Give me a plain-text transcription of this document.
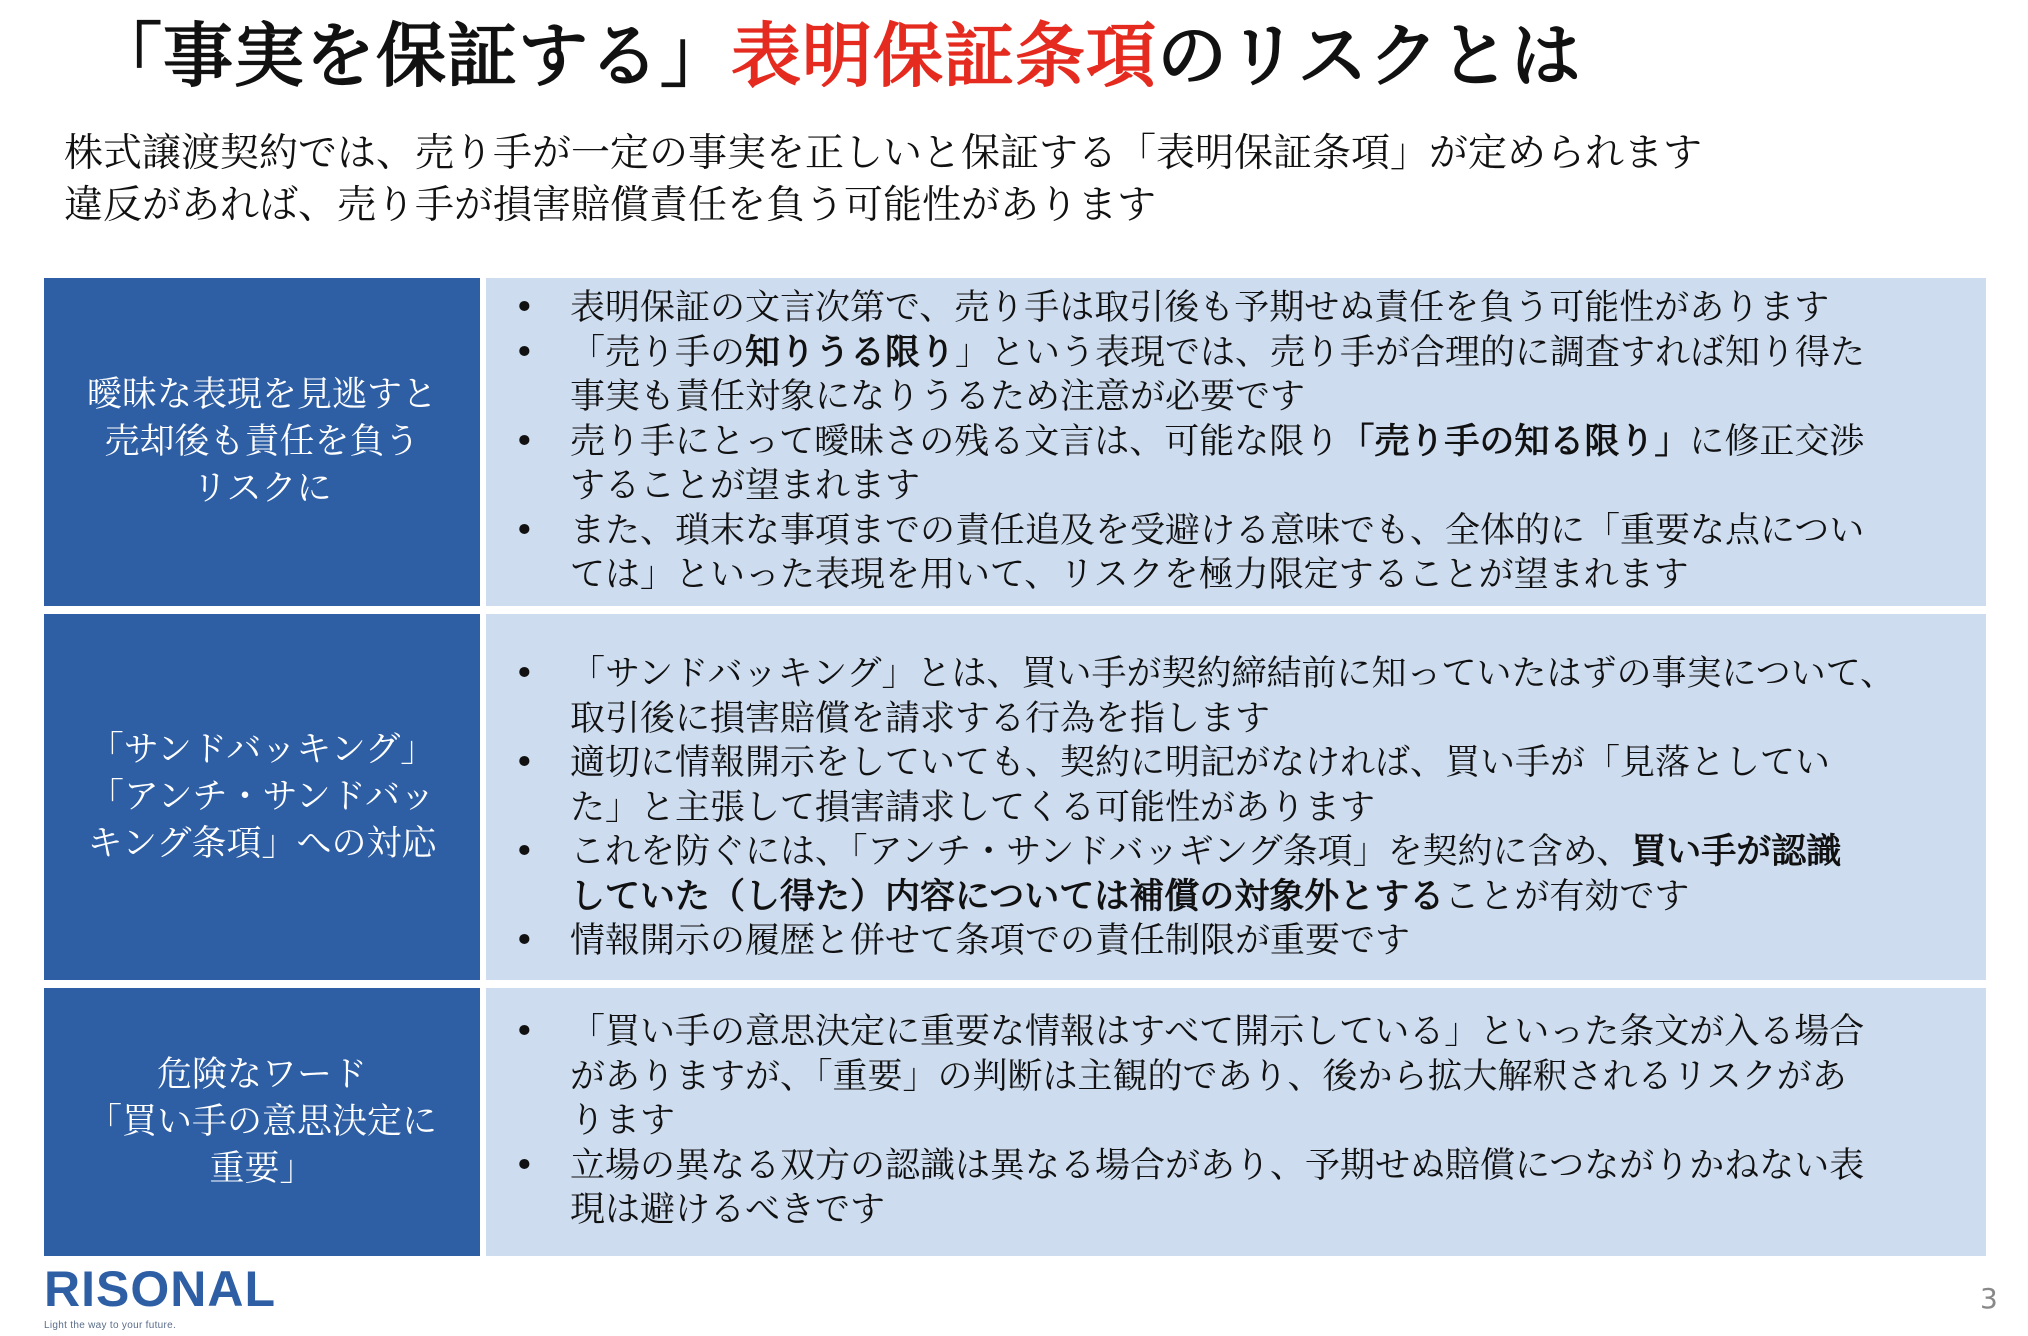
「事実を保証する」表明保証条項のリスクとは
株式譲渡契約では、売り手が一定の事実を正しいと保証する「表明保証条項」が定められます
違反があれば、売り手が損害賠償責任を負う可能性があります
曖昧な表現を見逃すと
売却後も責任を負う
リスクに
• 表明保証の文言次第で、売り手は取引後も予期せぬ責任を負う可能性があります
• 「売り手の知りうる限り」という表現では、売り手が合理的に調査すれば知り得た
事実も責任対象になりうるため注意が必要です
• 売り手にとって曖昧さの残る文言は、可能な限り「売り手の知る限り」に修正交渉
することが望まれます
• また、瑣末な事項までの責任追及を受避ける意味でも、全体的に「重要な点につい
ては」といった表現を用いて、リスクを極力限定することが望まれます
「サンドバッキング」
「アンチ・サンドバッ
キング条項」への対応
• 「サンドバッキング」とは、買い手が契約締結前に知っていたはずの事実について、
取引後に損害賠償を請求する行為を指します
• 適切に情報開示をしていても、契約に明記がなければ、買い手が「見落としてい
た」と主張して損害請求してくる可能性があります
• これを防ぐには、「アンチ・サンドバッギング条項」を契約に含め、買い手が認識
していた（し得た）内容については補償の対象外とすることが有効です
• 情報開示の履歴と併せて条項での責任制限が重要です
危険なワード
「買い手の意思決定に
重要」
• 「買い手の意思決定に重要な情報はすべて開示している」といった条文が入る場合
がありますが、「重要」の判断は主観的であり、後から拡大解釈されるリスクがあ
ります
• 立場の異なる双方の認識は異なる場合があり、予期せぬ賠償につながりかねない表
現は避けるべきです
RISONAL
Light the way to your future.
3
